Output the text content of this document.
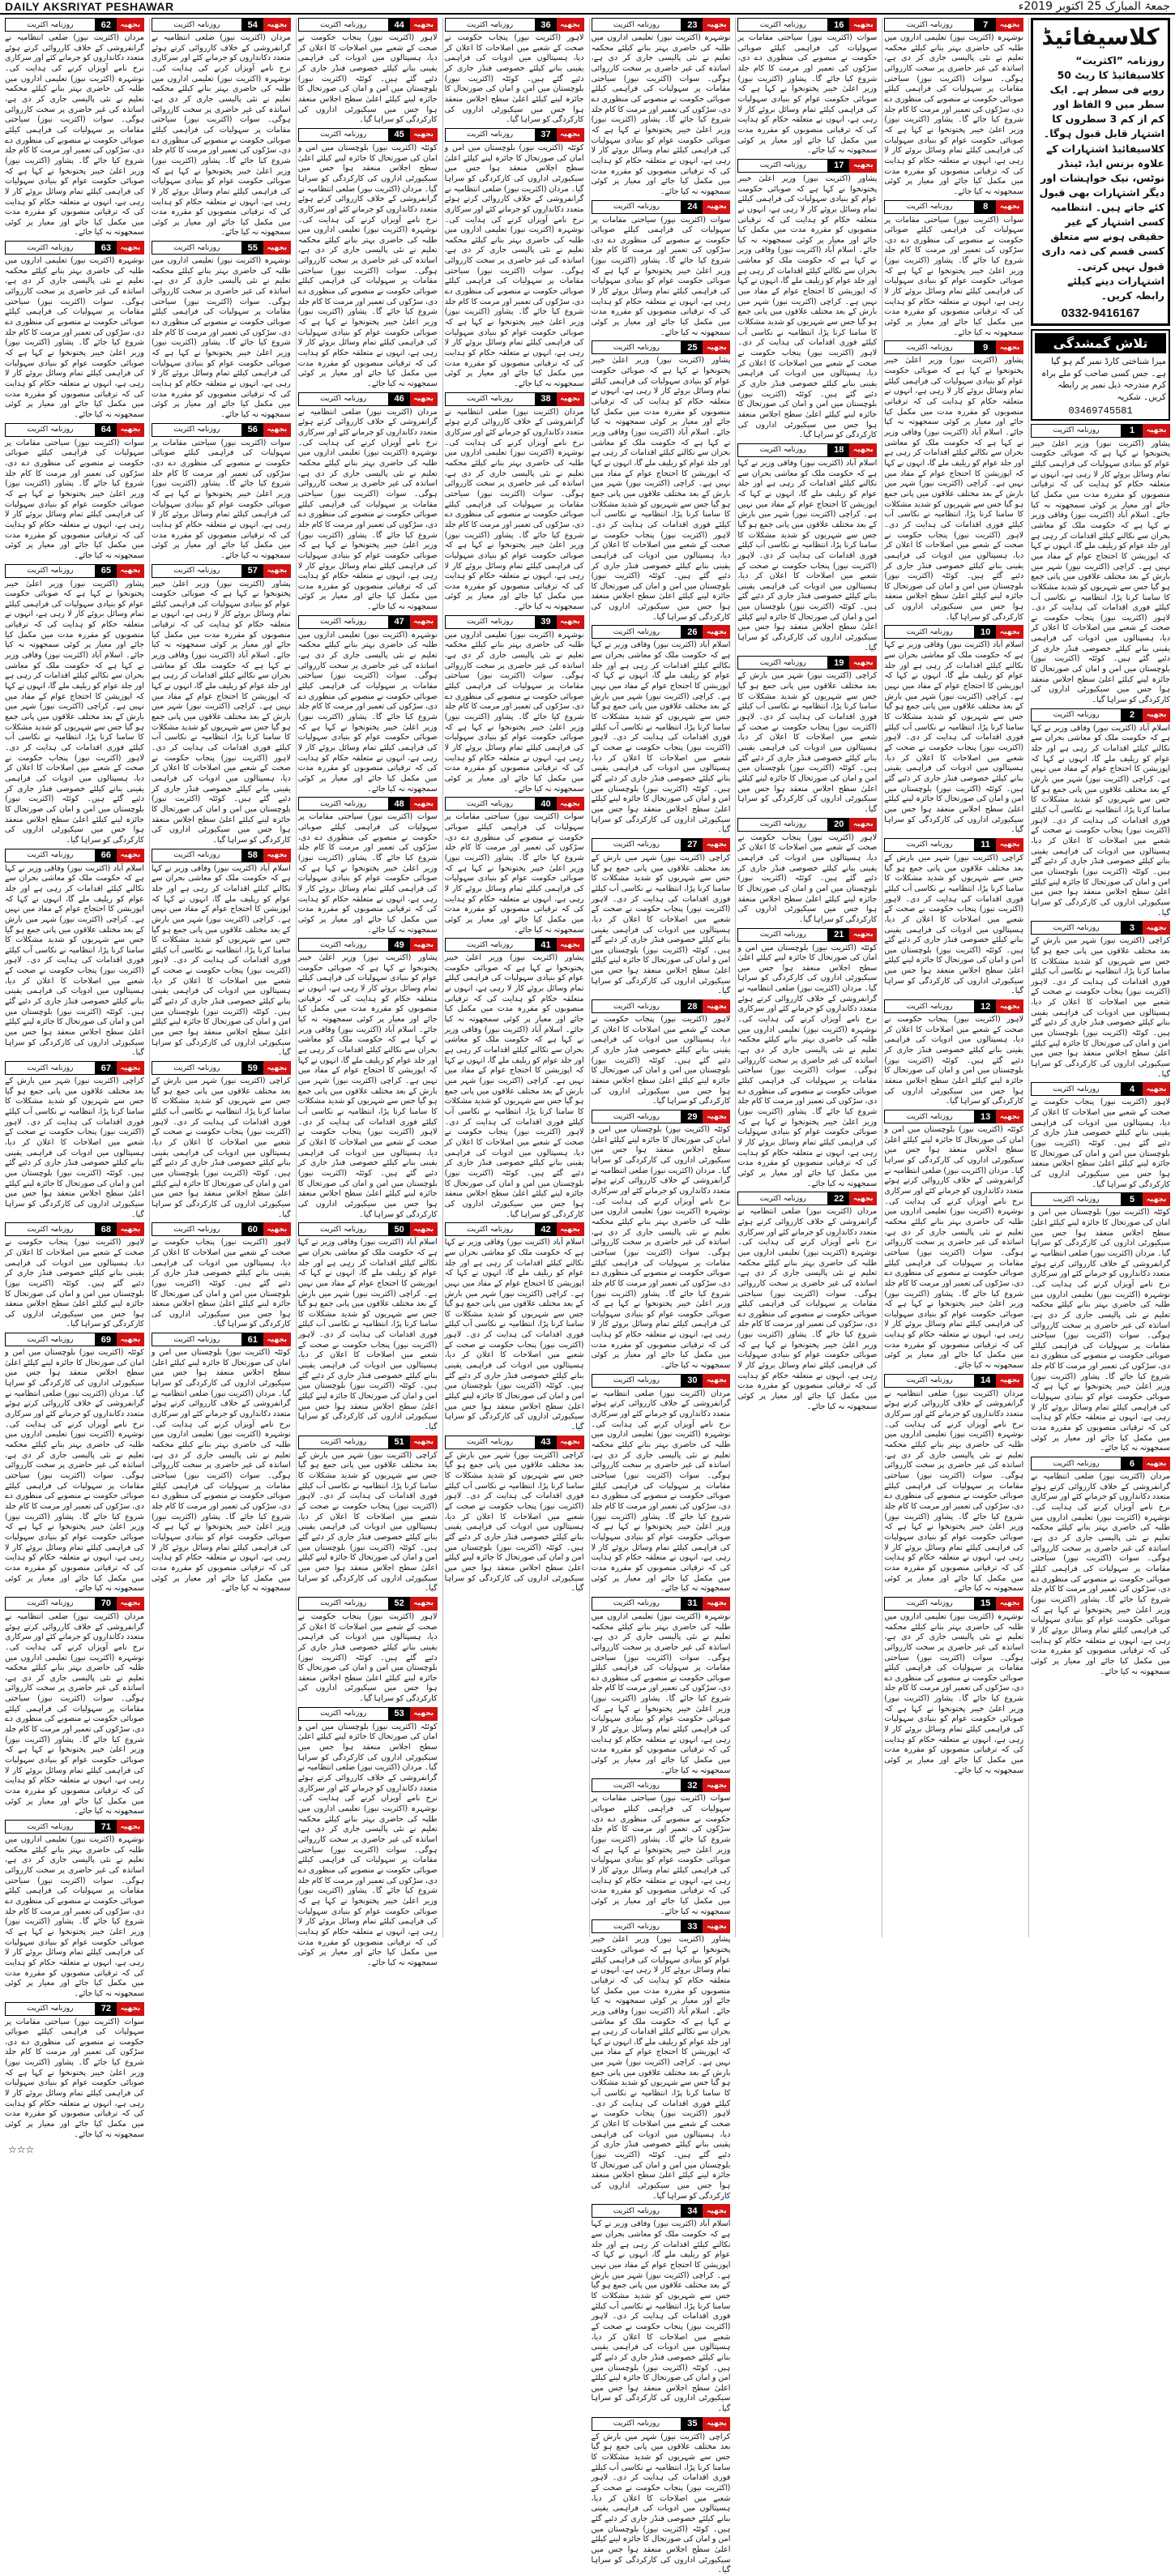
DAILY AKSRIYAT PESHAWAR	جمعۃ المبارک 25 اکتوبر 2019ء
کلاسیفائیڈ
روزنامہ ”اکثریت“ کلاسیفائیڈ کا ریٹ 50 روپے فی سطر ہے۔ ایک سطر میں 9 الفاظ اور کم از کم 3 سطروں کا اشتہار قابل قبول ہوگا۔ کلاسیفائیڈ اشتہارات کے علاوہ بزنس ایڈ، ٹینڈر نوٹس، نیک خواہشات اور دیگر اشتہارات بھی قبول کئے جاتے ہیں۔ انتظامیہ کسی اشتہار کے غیر حقیقی ہونے سے متعلق کسی قسم کی ذمہ داری قبول نہیں کرتی۔ اشتہارات دینے کیلئے رابطہ کریں۔
0332-9416167
تلاش گمشدگی
میرا شناختی کارڈ نمبر گم ہو گیا ہے۔ جس کسی صاحب کو ملے براہ کرم مندرجہ ذیل نمبر پر رابطہ کریں۔ شکریہ
03469745581
بجھیہ
1
روزنامہ اکثریت
پشاور (اکثریت نیوز) وزیر اعلیٰ خیبر پختونخوا نے کہا ہے کہ صوبائی حکومت عوام کو بنیادی سہولیات کی فراہمی کیلئے تمام وسائل بروئے کار لا رہی ہے، انہوں نے متعلقہ حکام کو ہدایت کی کہ ترقیاتی منصوبوں کو مقررہ مدت میں مکمل کیا جائے اور معیار پر کوئی سمجھوتہ نہ کیا جائے۔ اسلام آباد (اکثریت نیوز) وفاقی وزیر نے کہا ہے کہ حکومت ملک کو معاشی بحران سے نکالنے کیلئے اقدامات کر رہی ہے اور جلد عوام کو ریلیف ملے گا، انہوں نے کہا کہ اپوزیشن کا احتجاج عوام کے مفاد میں نہیں ہے۔ کراچی (اکثریت نیوز) شہر میں بارش کے بعد مختلف علاقوں میں پانی جمع ہو گیا جس سے شہریوں کو شدید مشکلات کا سامنا کرنا پڑا، انتظامیہ نے نکاسی آب کیلئے فوری اقدامات کی ہدایت کر دی۔ لاہور (اکثریت نیوز) پنجاب حکومت نے صحت کے شعبے میں اصلاحات کا اعلان کر دیا، ہسپتالوں میں ادویات کی فراہمی یقینی بنانے کیلئے خصوصی فنڈز جاری کر دئیے گئے ہیں۔ کوئٹہ (اکثریت نیوز) بلوچستان میں امن و امان کی صورتحال کا جائزہ لینے کیلئے اعلیٰ سطح اجلاس منعقد ہوا جس میں سیکیورٹی اداروں کی کارکردگی کو سراہا گیا۔
بجھیہ
2
روزنامہ اکثریت
اسلام آباد (اکثریت نیوز) وفاقی وزیر نے کہا ہے کہ حکومت ملک کو معاشی بحران سے نکالنے کیلئے اقدامات کر رہی ہے اور جلد عوام کو ریلیف ملے گا، انہوں نے کہا کہ اپوزیشن کا احتجاج عوام کے مفاد میں نہیں ہے۔ کراچی (اکثریت نیوز) شہر میں بارش کے بعد مختلف علاقوں میں پانی جمع ہو گیا جس سے شہریوں کو شدید مشکلات کا سامنا کرنا پڑا، انتظامیہ نے نکاسی آب کیلئے فوری اقدامات کی ہدایت کر دی۔ لاہور (اکثریت نیوز) پنجاب حکومت نے صحت کے شعبے میں اصلاحات کا اعلان کر دیا، ہسپتالوں میں ادویات کی فراہمی یقینی بنانے کیلئے خصوصی فنڈز جاری کر دئیے گئے ہیں۔ کوئٹہ (اکثریت نیوز) بلوچستان میں امن و امان کی صورتحال کا جائزہ لینے کیلئے اعلیٰ سطح اجلاس منعقد ہوا جس میں سیکیورٹی اداروں کی کارکردگی کو سراہا گیا۔
بجھیہ
3
روزنامہ اکثریت
کراچی (اکثریت نیوز) شہر میں بارش کے بعد مختلف علاقوں میں پانی جمع ہو گیا جس سے شہریوں کو شدید مشکلات کا سامنا کرنا پڑا، انتظامیہ نے نکاسی آب کیلئے فوری اقدامات کی ہدایت کر دی۔ لاہور (اکثریت نیوز) پنجاب حکومت نے صحت کے شعبے میں اصلاحات کا اعلان کر دیا، ہسپتالوں میں ادویات کی فراہمی یقینی بنانے کیلئے خصوصی فنڈز جاری کر دئیے گئے ہیں۔ کوئٹہ (اکثریت نیوز) بلوچستان میں امن و امان کی صورتحال کا جائزہ لینے کیلئے اعلیٰ سطح اجلاس منعقد ہوا جس میں سیکیورٹی اداروں کی کارکردگی کو سراہا گیا۔
بجھیہ
4
روزنامہ اکثریت
لاہور (اکثریت نیوز) پنجاب حکومت نے صحت کے شعبے میں اصلاحات کا اعلان کر دیا، ہسپتالوں میں ادویات کی فراہمی یقینی بنانے کیلئے خصوصی فنڈز جاری کر دئیے گئے ہیں۔ کوئٹہ (اکثریت نیوز) بلوچستان میں امن و امان کی صورتحال کا جائزہ لینے کیلئے اعلیٰ سطح اجلاس منعقد ہوا جس میں سیکیورٹی اداروں کی کارکردگی کو سراہا گیا۔
بجھیہ
5
روزنامہ اکثریت
کوئٹہ (اکثریت نیوز) بلوچستان میں امن و امان کی صورتحال کا جائزہ لینے کیلئے اعلیٰ سطح اجلاس منعقد ہوا جس میں سیکیورٹی اداروں کی کارکردگی کو سراہا گیا۔ مردان (اکثریت نیوز) ضلعی انتظامیہ نے گرانفروشی کے خلاف کارروائی کرتے ہوئے متعدد دکانداروں کو جرمانے کئے اور سرکاری نرخ نامے آویزاں کرنے کی ہدایت کی۔ نوشہرہ (اکثریت نیوز) تعلیمی اداروں میں طلبہ کی حاضری بہتر بنانے کیلئے محکمہ تعلیم نے نئی پالیسی جاری کر دی ہے، اساتذہ کی غیر حاضری پر سخت کارروائی ہوگی۔ سوات (اکثریت نیوز) سیاحتی مقامات پر سہولیات کی فراہمی کیلئے صوبائی حکومت نے منصوبے کی منظوری دے دی، سڑکوں کی تعمیر اور مرمت کا کام جلد شروع کیا جائے گا۔ پشاور (اکثریت نیوز) وزیر اعلیٰ خیبر پختونخوا نے کہا ہے کہ صوبائی حکومت عوام کو بنیادی سہولیات کی فراہمی کیلئے تمام وسائل بروئے کار لا رہی ہے، انہوں نے متعلقہ حکام کو ہدایت کی کہ ترقیاتی منصوبوں کو مقررہ مدت میں مکمل کیا جائے اور معیار پر کوئی سمجھوتہ نہ کیا جائے۔
بجھیہ
6
روزنامہ اکثریت
مردان (اکثریت نیوز) ضلعی انتظامیہ نے گرانفروشی کے خلاف کارروائی کرتے ہوئے متعدد دکانداروں کو جرمانے کئے اور سرکاری نرخ نامے آویزاں کرنے کی ہدایت کی۔ نوشہرہ (اکثریت نیوز) تعلیمی اداروں میں طلبہ کی حاضری بہتر بنانے کیلئے محکمہ تعلیم نے نئی پالیسی جاری کر دی ہے، اساتذہ کی غیر حاضری پر سخت کارروائی ہوگی۔ سوات (اکثریت نیوز) سیاحتی مقامات پر سہولیات کی فراہمی کیلئے صوبائی حکومت نے منصوبے کی منظوری دے دی، سڑکوں کی تعمیر اور مرمت کا کام جلد شروع کیا جائے گا۔ پشاور (اکثریت نیوز) وزیر اعلیٰ خیبر پختونخوا نے کہا ہے کہ صوبائی حکومت عوام کو بنیادی سہولیات کی فراہمی کیلئے تمام وسائل بروئے کار لا رہی ہے، انہوں نے متعلقہ حکام کو ہدایت کی کہ ترقیاتی منصوبوں کو مقررہ مدت میں مکمل کیا جائے اور معیار پر کوئی سمجھوتہ نہ کیا جائے۔
بجھیہ
7
روزنامہ اکثریت
نوشہرہ (اکثریت نیوز) تعلیمی اداروں میں طلبہ کی حاضری بہتر بنانے کیلئے محکمہ تعلیم نے نئی پالیسی جاری کر دی ہے، اساتذہ کی غیر حاضری پر سخت کارروائی ہوگی۔ سوات (اکثریت نیوز) سیاحتی مقامات پر سہولیات کی فراہمی کیلئے صوبائی حکومت نے منصوبے کی منظوری دے دی، سڑکوں کی تعمیر اور مرمت کا کام جلد شروع کیا جائے گا۔ پشاور (اکثریت نیوز) وزیر اعلیٰ خیبر پختونخوا نے کہا ہے کہ صوبائی حکومت عوام کو بنیادی سہولیات کی فراہمی کیلئے تمام وسائل بروئے کار لا رہی ہے، انہوں نے متعلقہ حکام کو ہدایت کی کہ ترقیاتی منصوبوں کو مقررہ مدت میں مکمل کیا جائے اور معیار پر کوئی سمجھوتہ نہ کیا جائے۔
بجھیہ
8
روزنامہ اکثریت
سوات (اکثریت نیوز) سیاحتی مقامات پر سہولیات کی فراہمی کیلئے صوبائی حکومت نے منصوبے کی منظوری دے دی، سڑکوں کی تعمیر اور مرمت کا کام جلد شروع کیا جائے گا۔ پشاور (اکثریت نیوز) وزیر اعلیٰ خیبر پختونخوا نے کہا ہے کہ صوبائی حکومت عوام کو بنیادی سہولیات کی فراہمی کیلئے تمام وسائل بروئے کار لا رہی ہے، انہوں نے متعلقہ حکام کو ہدایت کی کہ ترقیاتی منصوبوں کو مقررہ مدت میں مکمل کیا جائے اور معیار پر کوئی سمجھوتہ نہ کیا جائے۔
بجھیہ
9
روزنامہ اکثریت
پشاور (اکثریت نیوز) وزیر اعلیٰ خیبر پختونخوا نے کہا ہے کہ صوبائی حکومت عوام کو بنیادی سہولیات کی فراہمی کیلئے تمام وسائل بروئے کار لا رہی ہے، انہوں نے متعلقہ حکام کو ہدایت کی کہ ترقیاتی منصوبوں کو مقررہ مدت میں مکمل کیا جائے اور معیار پر کوئی سمجھوتہ نہ کیا جائے۔ اسلام آباد (اکثریت نیوز) وفاقی وزیر نے کہا ہے کہ حکومت ملک کو معاشی بحران سے نکالنے کیلئے اقدامات کر رہی ہے اور جلد عوام کو ریلیف ملے گا، انہوں نے کہا کہ اپوزیشن کا احتجاج عوام کے مفاد میں نہیں ہے۔ کراچی (اکثریت نیوز) شہر میں بارش کے بعد مختلف علاقوں میں پانی جمع ہو گیا جس سے شہریوں کو شدید مشکلات کا سامنا کرنا پڑا، انتظامیہ نے نکاسی آب کیلئے فوری اقدامات کی ہدایت کر دی۔ لاہور (اکثریت نیوز) پنجاب حکومت نے صحت کے شعبے میں اصلاحات کا اعلان کر دیا، ہسپتالوں میں ادویات کی فراہمی یقینی بنانے کیلئے خصوصی فنڈز جاری کر دئیے گئے ہیں۔ کوئٹہ (اکثریت نیوز) بلوچستان میں امن و امان کی صورتحال کا جائزہ لینے کیلئے اعلیٰ سطح اجلاس منعقد ہوا جس میں سیکیورٹی اداروں کی کارکردگی کو سراہا گیا۔
بجھیہ
10
روزنامہ اکثریت
اسلام آباد (اکثریت نیوز) وفاقی وزیر نے کہا ہے کہ حکومت ملک کو معاشی بحران سے نکالنے کیلئے اقدامات کر رہی ہے اور جلد عوام کو ریلیف ملے گا، انہوں نے کہا کہ اپوزیشن کا احتجاج عوام کے مفاد میں نہیں ہے۔ کراچی (اکثریت نیوز) شہر میں بارش کے بعد مختلف علاقوں میں پانی جمع ہو گیا جس سے شہریوں کو شدید مشکلات کا سامنا کرنا پڑا، انتظامیہ نے نکاسی آب کیلئے فوری اقدامات کی ہدایت کر دی۔ لاہور (اکثریت نیوز) پنجاب حکومت نے صحت کے شعبے میں اصلاحات کا اعلان کر دیا، ہسپتالوں میں ادویات کی فراہمی یقینی بنانے کیلئے خصوصی فنڈز جاری کر دئیے گئے ہیں۔ کوئٹہ (اکثریت نیوز) بلوچستان میں امن و امان کی صورتحال کا جائزہ لینے کیلئے اعلیٰ سطح اجلاس منعقد ہوا جس میں سیکیورٹی اداروں کی کارکردگی کو سراہا گیا۔
بجھیہ
11
روزنامہ اکثریت
کراچی (اکثریت نیوز) شہر میں بارش کے بعد مختلف علاقوں میں پانی جمع ہو گیا جس سے شہریوں کو شدید مشکلات کا سامنا کرنا پڑا، انتظامیہ نے نکاسی آب کیلئے فوری اقدامات کی ہدایت کر دی۔ لاہور (اکثریت نیوز) پنجاب حکومت نے صحت کے شعبے میں اصلاحات کا اعلان کر دیا، ہسپتالوں میں ادویات کی فراہمی یقینی بنانے کیلئے خصوصی فنڈز جاری کر دئیے گئے ہیں۔ کوئٹہ (اکثریت نیوز) بلوچستان میں امن و امان کی صورتحال کا جائزہ لینے کیلئے اعلیٰ سطح اجلاس منعقد ہوا جس میں سیکیورٹی اداروں کی کارکردگی کو سراہا گیا۔
بجھیہ
12
روزنامہ اکثریت
لاہور (اکثریت نیوز) پنجاب حکومت نے صحت کے شعبے میں اصلاحات کا اعلان کر دیا، ہسپتالوں میں ادویات کی فراہمی یقینی بنانے کیلئے خصوصی فنڈز جاری کر دئیے گئے ہیں۔ کوئٹہ (اکثریت نیوز) بلوچستان میں امن و امان کی صورتحال کا جائزہ لینے کیلئے اعلیٰ سطح اجلاس منعقد ہوا جس میں سیکیورٹی اداروں کی کارکردگی کو سراہا گیا۔
بجھیہ
13
روزنامہ اکثریت
کوئٹہ (اکثریت نیوز) بلوچستان میں امن و امان کی صورتحال کا جائزہ لینے کیلئے اعلیٰ سطح اجلاس منعقد ہوا جس میں سیکیورٹی اداروں کی کارکردگی کو سراہا گیا۔ مردان (اکثریت نیوز) ضلعی انتظامیہ نے گرانفروشی کے خلاف کارروائی کرتے ہوئے متعدد دکانداروں کو جرمانے کئے اور سرکاری نرخ نامے آویزاں کرنے کی ہدایت کی۔ نوشہرہ (اکثریت نیوز) تعلیمی اداروں میں طلبہ کی حاضری بہتر بنانے کیلئے محکمہ تعلیم نے نئی پالیسی جاری کر دی ہے، اساتذہ کی غیر حاضری پر سخت کارروائی ہوگی۔ سوات (اکثریت نیوز) سیاحتی مقامات پر سہولیات کی فراہمی کیلئے صوبائی حکومت نے منصوبے کی منظوری دے دی، سڑکوں کی تعمیر اور مرمت کا کام جلد شروع کیا جائے گا۔ پشاور (اکثریت نیوز) وزیر اعلیٰ خیبر پختونخوا نے کہا ہے کہ صوبائی حکومت عوام کو بنیادی سہولیات کی فراہمی کیلئے تمام وسائل بروئے کار لا رہی ہے، انہوں نے متعلقہ حکام کو ہدایت کی کہ ترقیاتی منصوبوں کو مقررہ مدت میں مکمل کیا جائے اور معیار پر کوئی سمجھوتہ نہ کیا جائے۔
بجھیہ
14
روزنامہ اکثریت
مردان (اکثریت نیوز) ضلعی انتظامیہ نے گرانفروشی کے خلاف کارروائی کرتے ہوئے متعدد دکانداروں کو جرمانے کئے اور سرکاری نرخ نامے آویزاں کرنے کی ہدایت کی۔ نوشہرہ (اکثریت نیوز) تعلیمی اداروں میں طلبہ کی حاضری بہتر بنانے کیلئے محکمہ تعلیم نے نئی پالیسی جاری کر دی ہے، اساتذہ کی غیر حاضری پر سخت کارروائی ہوگی۔ سوات (اکثریت نیوز) سیاحتی مقامات پر سہولیات کی فراہمی کیلئے صوبائی حکومت نے منصوبے کی منظوری دے دی، سڑکوں کی تعمیر اور مرمت کا کام جلد شروع کیا جائے گا۔ پشاور (اکثریت نیوز) وزیر اعلیٰ خیبر پختونخوا نے کہا ہے کہ صوبائی حکومت عوام کو بنیادی سہولیات کی فراہمی کیلئے تمام وسائل بروئے کار لا رہی ہے، انہوں نے متعلقہ حکام کو ہدایت کی کہ ترقیاتی منصوبوں کو مقررہ مدت میں مکمل کیا جائے اور معیار پر کوئی سمجھوتہ نہ کیا جائے۔
بجھیہ
15
روزنامہ اکثریت
نوشہرہ (اکثریت نیوز) تعلیمی اداروں میں طلبہ کی حاضری بہتر بنانے کیلئے محکمہ تعلیم نے نئی پالیسی جاری کر دی ہے، اساتذہ کی غیر حاضری پر سخت کارروائی ہوگی۔ سوات (اکثریت نیوز) سیاحتی مقامات پر سہولیات کی فراہمی کیلئے صوبائی حکومت نے منصوبے کی منظوری دے دی، سڑکوں کی تعمیر اور مرمت کا کام جلد شروع کیا جائے گا۔ پشاور (اکثریت نیوز) وزیر اعلیٰ خیبر پختونخوا نے کہا ہے کہ صوبائی حکومت عوام کو بنیادی سہولیات کی فراہمی کیلئے تمام وسائل بروئے کار لا رہی ہے، انہوں نے متعلقہ حکام کو ہدایت کی کہ ترقیاتی منصوبوں کو مقررہ مدت میں مکمل کیا جائے اور معیار پر کوئی سمجھوتہ نہ کیا جائے۔
بجھیہ
16
روزنامہ اکثریت
سوات (اکثریت نیوز) سیاحتی مقامات پر سہولیات کی فراہمی کیلئے صوبائی حکومت نے منصوبے کی منظوری دے دی، سڑکوں کی تعمیر اور مرمت کا کام جلد شروع کیا جائے گا۔ پشاور (اکثریت نیوز) وزیر اعلیٰ خیبر پختونخوا نے کہا ہے کہ صوبائی حکومت عوام کو بنیادی سہولیات کی فراہمی کیلئے تمام وسائل بروئے کار لا رہی ہے، انہوں نے متعلقہ حکام کو ہدایت کی کہ ترقیاتی منصوبوں کو مقررہ مدت میں مکمل کیا جائے اور معیار پر کوئی سمجھوتہ نہ کیا جائے۔
بجھیہ
17
روزنامہ اکثریت
پشاور (اکثریت نیوز) وزیر اعلیٰ خیبر پختونخوا نے کہا ہے کہ صوبائی حکومت عوام کو بنیادی سہولیات کی فراہمی کیلئے تمام وسائل بروئے کار لا رہی ہے، انہوں نے متعلقہ حکام کو ہدایت کی کہ ترقیاتی منصوبوں کو مقررہ مدت میں مکمل کیا جائے اور معیار پر کوئی سمجھوتہ نہ کیا جائے۔ اسلام آباد (اکثریت نیوز) وفاقی وزیر نے کہا ہے کہ حکومت ملک کو معاشی بحران سے نکالنے کیلئے اقدامات کر رہی ہے اور جلد عوام کو ریلیف ملے گا، انہوں نے کہا کہ اپوزیشن کا احتجاج عوام کے مفاد میں نہیں ہے۔ کراچی (اکثریت نیوز) شہر میں بارش کے بعد مختلف علاقوں میں پانی جمع ہو گیا جس سے شہریوں کو شدید مشکلات کا سامنا کرنا پڑا، انتظامیہ نے نکاسی آب کیلئے فوری اقدامات کی ہدایت کر دی۔ لاہور (اکثریت نیوز) پنجاب حکومت نے صحت کے شعبے میں اصلاحات کا اعلان کر دیا، ہسپتالوں میں ادویات کی فراہمی یقینی بنانے کیلئے خصوصی فنڈز جاری کر دئیے گئے ہیں۔ کوئٹہ (اکثریت نیوز) بلوچستان میں امن و امان کی صورتحال کا جائزہ لینے کیلئے اعلیٰ سطح اجلاس منعقد ہوا جس میں سیکیورٹی اداروں کی کارکردگی کو سراہا گیا۔
بجھیہ
18
روزنامہ اکثریت
اسلام آباد (اکثریت نیوز) وفاقی وزیر نے کہا ہے کہ حکومت ملک کو معاشی بحران سے نکالنے کیلئے اقدامات کر رہی ہے اور جلد عوام کو ریلیف ملے گا، انہوں نے کہا کہ اپوزیشن کا احتجاج عوام کے مفاد میں نہیں ہے۔ کراچی (اکثریت نیوز) شہر میں بارش کے بعد مختلف علاقوں میں پانی جمع ہو گیا جس سے شہریوں کو شدید مشکلات کا سامنا کرنا پڑا، انتظامیہ نے نکاسی آب کیلئے فوری اقدامات کی ہدایت کر دی۔ لاہور (اکثریت نیوز) پنجاب حکومت نے صحت کے شعبے میں اصلاحات کا اعلان کر دیا، ہسپتالوں میں ادویات کی فراہمی یقینی بنانے کیلئے خصوصی فنڈز جاری کر دئیے گئے ہیں۔ کوئٹہ (اکثریت نیوز) بلوچستان میں امن و امان کی صورتحال کا جائزہ لینے کیلئے اعلیٰ سطح اجلاس منعقد ہوا جس میں سیکیورٹی اداروں کی کارکردگی کو سراہا گیا۔
بجھیہ
19
روزنامہ اکثریت
کراچی (اکثریت نیوز) شہر میں بارش کے بعد مختلف علاقوں میں پانی جمع ہو گیا جس سے شہریوں کو شدید مشکلات کا سامنا کرنا پڑا، انتظامیہ نے نکاسی آب کیلئے فوری اقدامات کی ہدایت کر دی۔ لاہور (اکثریت نیوز) پنجاب حکومت نے صحت کے شعبے میں اصلاحات کا اعلان کر دیا، ہسپتالوں میں ادویات کی فراہمی یقینی بنانے کیلئے خصوصی فنڈز جاری کر دئیے گئے ہیں۔ کوئٹہ (اکثریت نیوز) بلوچستان میں امن و امان کی صورتحال کا جائزہ لینے کیلئے اعلیٰ سطح اجلاس منعقد ہوا جس میں سیکیورٹی اداروں کی کارکردگی کو سراہا گیا۔
بجھیہ
20
روزنامہ اکثریت
لاہور (اکثریت نیوز) پنجاب حکومت نے صحت کے شعبے میں اصلاحات کا اعلان کر دیا، ہسپتالوں میں ادویات کی فراہمی یقینی بنانے کیلئے خصوصی فنڈز جاری کر دئیے گئے ہیں۔ کوئٹہ (اکثریت نیوز) بلوچستان میں امن و امان کی صورتحال کا جائزہ لینے کیلئے اعلیٰ سطح اجلاس منعقد ہوا جس میں سیکیورٹی اداروں کی کارکردگی کو سراہا گیا۔
بجھیہ
21
روزنامہ اکثریت
کوئٹہ (اکثریت نیوز) بلوچستان میں امن و امان کی صورتحال کا جائزہ لینے کیلئے اعلیٰ سطح اجلاس منعقد ہوا جس میں سیکیورٹی اداروں کی کارکردگی کو سراہا گیا۔ مردان (اکثریت نیوز) ضلعی انتظامیہ نے گرانفروشی کے خلاف کارروائی کرتے ہوئے متعدد دکانداروں کو جرمانے کئے اور سرکاری نرخ نامے آویزاں کرنے کی ہدایت کی۔ نوشہرہ (اکثریت نیوز) تعلیمی اداروں میں طلبہ کی حاضری بہتر بنانے کیلئے محکمہ تعلیم نے نئی پالیسی جاری کر دی ہے، اساتذہ کی غیر حاضری پر سخت کارروائی ہوگی۔ سوات (اکثریت نیوز) سیاحتی مقامات پر سہولیات کی فراہمی کیلئے صوبائی حکومت نے منصوبے کی منظوری دے دی، سڑکوں کی تعمیر اور مرمت کا کام جلد شروع کیا جائے گا۔ پشاور (اکثریت نیوز) وزیر اعلیٰ خیبر پختونخوا نے کہا ہے کہ صوبائی حکومت عوام کو بنیادی سہولیات کی فراہمی کیلئے تمام وسائل بروئے کار لا رہی ہے، انہوں نے متعلقہ حکام کو ہدایت کی کہ ترقیاتی منصوبوں کو مقررہ مدت میں مکمل کیا جائے اور معیار پر کوئی سمجھوتہ نہ کیا جائے۔
بجھیہ
22
روزنامہ اکثریت
مردان (اکثریت نیوز) ضلعی انتظامیہ نے گرانفروشی کے خلاف کارروائی کرتے ہوئے متعدد دکانداروں کو جرمانے کئے اور سرکاری نرخ نامے آویزاں کرنے کی ہدایت کی۔ نوشہرہ (اکثریت نیوز) تعلیمی اداروں میں طلبہ کی حاضری بہتر بنانے کیلئے محکمہ تعلیم نے نئی پالیسی جاری کر دی ہے، اساتذہ کی غیر حاضری پر سخت کارروائی ہوگی۔ سوات (اکثریت نیوز) سیاحتی مقامات پر سہولیات کی فراہمی کیلئے صوبائی حکومت نے منصوبے کی منظوری دے دی، سڑکوں کی تعمیر اور مرمت کا کام جلد شروع کیا جائے گا۔ پشاور (اکثریت نیوز) وزیر اعلیٰ خیبر پختونخوا نے کہا ہے کہ صوبائی حکومت عوام کو بنیادی سہولیات کی فراہمی کیلئے تمام وسائل بروئے کار لا رہی ہے، انہوں نے متعلقہ حکام کو ہدایت کی کہ ترقیاتی منصوبوں کو مقررہ مدت میں مکمل کیا جائے اور معیار پر کوئی سمجھوتہ نہ کیا جائے۔
بجھیہ
23
روزنامہ اکثریت
نوشہرہ (اکثریت نیوز) تعلیمی اداروں میں طلبہ کی حاضری بہتر بنانے کیلئے محکمہ تعلیم نے نئی پالیسی جاری کر دی ہے، اساتذہ کی غیر حاضری پر سخت کارروائی ہوگی۔ سوات (اکثریت نیوز) سیاحتی مقامات پر سہولیات کی فراہمی کیلئے صوبائی حکومت نے منصوبے کی منظوری دے دی، سڑکوں کی تعمیر اور مرمت کا کام جلد شروع کیا جائے گا۔ پشاور (اکثریت نیوز) وزیر اعلیٰ خیبر پختونخوا نے کہا ہے کہ صوبائی حکومت عوام کو بنیادی سہولیات کی فراہمی کیلئے تمام وسائل بروئے کار لا رہی ہے، انہوں نے متعلقہ حکام کو ہدایت کی کہ ترقیاتی منصوبوں کو مقررہ مدت میں مکمل کیا جائے اور معیار پر کوئی سمجھوتہ نہ کیا جائے۔
بجھیہ
24
روزنامہ اکثریت
سوات (اکثریت نیوز) سیاحتی مقامات پر سہولیات کی فراہمی کیلئے صوبائی حکومت نے منصوبے کی منظوری دے دی، سڑکوں کی تعمیر اور مرمت کا کام جلد شروع کیا جائے گا۔ پشاور (اکثریت نیوز) وزیر اعلیٰ خیبر پختونخوا نے کہا ہے کہ صوبائی حکومت عوام کو بنیادی سہولیات کی فراہمی کیلئے تمام وسائل بروئے کار لا رہی ہے، انہوں نے متعلقہ حکام کو ہدایت کی کہ ترقیاتی منصوبوں کو مقررہ مدت میں مکمل کیا جائے اور معیار پر کوئی سمجھوتہ نہ کیا جائے۔
بجھیہ
25
روزنامہ اکثریت
پشاور (اکثریت نیوز) وزیر اعلیٰ خیبر پختونخوا نے کہا ہے کہ صوبائی حکومت عوام کو بنیادی سہولیات کی فراہمی کیلئے تمام وسائل بروئے کار لا رہی ہے، انہوں نے متعلقہ حکام کو ہدایت کی کہ ترقیاتی منصوبوں کو مقررہ مدت میں مکمل کیا جائے اور معیار پر کوئی سمجھوتہ نہ کیا جائے۔ اسلام آباد (اکثریت نیوز) وفاقی وزیر نے کہا ہے کہ حکومت ملک کو معاشی بحران سے نکالنے کیلئے اقدامات کر رہی ہے اور جلد عوام کو ریلیف ملے گا، انہوں نے کہا کہ اپوزیشن کا احتجاج عوام کے مفاد میں نہیں ہے۔ کراچی (اکثریت نیوز) شہر میں بارش کے بعد مختلف علاقوں میں پانی جمع ہو گیا جس سے شہریوں کو شدید مشکلات کا سامنا کرنا پڑا، انتظامیہ نے نکاسی آب کیلئے فوری اقدامات کی ہدایت کر دی۔ لاہور (اکثریت نیوز) پنجاب حکومت نے صحت کے شعبے میں اصلاحات کا اعلان کر دیا، ہسپتالوں میں ادویات کی فراہمی یقینی بنانے کیلئے خصوصی فنڈز جاری کر دئیے گئے ہیں۔ کوئٹہ (اکثریت نیوز) بلوچستان میں امن و امان کی صورتحال کا جائزہ لینے کیلئے اعلیٰ سطح اجلاس منعقد ہوا جس میں سیکیورٹی اداروں کی کارکردگی کو سراہا گیا۔
بجھیہ
26
روزنامہ اکثریت
اسلام آباد (اکثریت نیوز) وفاقی وزیر نے کہا ہے کہ حکومت ملک کو معاشی بحران سے نکالنے کیلئے اقدامات کر رہی ہے اور جلد عوام کو ریلیف ملے گا، انہوں نے کہا کہ اپوزیشن کا احتجاج عوام کے مفاد میں نہیں ہے۔ کراچی (اکثریت نیوز) شہر میں بارش کے بعد مختلف علاقوں میں پانی جمع ہو گیا جس سے شہریوں کو شدید مشکلات کا سامنا کرنا پڑا، انتظامیہ نے نکاسی آب کیلئے فوری اقدامات کی ہدایت کر دی۔ لاہور (اکثریت نیوز) پنجاب حکومت نے صحت کے شعبے میں اصلاحات کا اعلان کر دیا، ہسپتالوں میں ادویات کی فراہمی یقینی بنانے کیلئے خصوصی فنڈز جاری کر دئیے گئے ہیں۔ کوئٹہ (اکثریت نیوز) بلوچستان میں امن و امان کی صورتحال کا جائزہ لینے کیلئے اعلیٰ سطح اجلاس منعقد ہوا جس میں سیکیورٹی اداروں کی کارکردگی کو سراہا گیا۔
بجھیہ
27
روزنامہ اکثریت
کراچی (اکثریت نیوز) شہر میں بارش کے بعد مختلف علاقوں میں پانی جمع ہو گیا جس سے شہریوں کو شدید مشکلات کا سامنا کرنا پڑا، انتظامیہ نے نکاسی آب کیلئے فوری اقدامات کی ہدایت کر دی۔ لاہور (اکثریت نیوز) پنجاب حکومت نے صحت کے شعبے میں اصلاحات کا اعلان کر دیا، ہسپتالوں میں ادویات کی فراہمی یقینی بنانے کیلئے خصوصی فنڈز جاری کر دئیے گئے ہیں۔ کوئٹہ (اکثریت نیوز) بلوچستان میں امن و امان کی صورتحال کا جائزہ لینے کیلئے اعلیٰ سطح اجلاس منعقد ہوا جس میں سیکیورٹی اداروں کی کارکردگی کو سراہا گیا۔
بجھیہ
28
روزنامہ اکثریت
لاہور (اکثریت نیوز) پنجاب حکومت نے صحت کے شعبے میں اصلاحات کا اعلان کر دیا، ہسپتالوں میں ادویات کی فراہمی یقینی بنانے کیلئے خصوصی فنڈز جاری کر دئیے گئے ہیں۔ کوئٹہ (اکثریت نیوز) بلوچستان میں امن و امان کی صورتحال کا جائزہ لینے کیلئے اعلیٰ سطح اجلاس منعقد ہوا جس میں سیکیورٹی اداروں کی کارکردگی کو سراہا گیا۔
بجھیہ
29
روزنامہ اکثریت
کوئٹہ (اکثریت نیوز) بلوچستان میں امن و امان کی صورتحال کا جائزہ لینے کیلئے اعلیٰ سطح اجلاس منعقد ہوا جس میں سیکیورٹی اداروں کی کارکردگی کو سراہا گیا۔ مردان (اکثریت نیوز) ضلعی انتظامیہ نے گرانفروشی کے خلاف کارروائی کرتے ہوئے متعدد دکانداروں کو جرمانے کئے اور سرکاری نرخ نامے آویزاں کرنے کی ہدایت کی۔ نوشہرہ (اکثریت نیوز) تعلیمی اداروں میں طلبہ کی حاضری بہتر بنانے کیلئے محکمہ تعلیم نے نئی پالیسی جاری کر دی ہے، اساتذہ کی غیر حاضری پر سخت کارروائی ہوگی۔ سوات (اکثریت نیوز) سیاحتی مقامات پر سہولیات کی فراہمی کیلئے صوبائی حکومت نے منصوبے کی منظوری دے دی، سڑکوں کی تعمیر اور مرمت کا کام جلد شروع کیا جائے گا۔ پشاور (اکثریت نیوز) وزیر اعلیٰ خیبر پختونخوا نے کہا ہے کہ صوبائی حکومت عوام کو بنیادی سہولیات کی فراہمی کیلئے تمام وسائل بروئے کار لا رہی ہے، انہوں نے متعلقہ حکام کو ہدایت کی کہ ترقیاتی منصوبوں کو مقررہ مدت میں مکمل کیا جائے اور معیار پر کوئی سمجھوتہ نہ کیا جائے۔
بجھیہ
30
روزنامہ اکثریت
مردان (اکثریت نیوز) ضلعی انتظامیہ نے گرانفروشی کے خلاف کارروائی کرتے ہوئے متعدد دکانداروں کو جرمانے کئے اور سرکاری نرخ نامے آویزاں کرنے کی ہدایت کی۔ نوشہرہ (اکثریت نیوز) تعلیمی اداروں میں طلبہ کی حاضری بہتر بنانے کیلئے محکمہ تعلیم نے نئی پالیسی جاری کر دی ہے، اساتذہ کی غیر حاضری پر سخت کارروائی ہوگی۔ سوات (اکثریت نیوز) سیاحتی مقامات پر سہولیات کی فراہمی کیلئے صوبائی حکومت نے منصوبے کی منظوری دے دی، سڑکوں کی تعمیر اور مرمت کا کام جلد شروع کیا جائے گا۔ پشاور (اکثریت نیوز) وزیر اعلیٰ خیبر پختونخوا نے کہا ہے کہ صوبائی حکومت عوام کو بنیادی سہولیات کی فراہمی کیلئے تمام وسائل بروئے کار لا رہی ہے، انہوں نے متعلقہ حکام کو ہدایت کی کہ ترقیاتی منصوبوں کو مقررہ مدت میں مکمل کیا جائے اور معیار پر کوئی سمجھوتہ نہ کیا جائے۔
بجھیہ
31
روزنامہ اکثریت
نوشہرہ (اکثریت نیوز) تعلیمی اداروں میں طلبہ کی حاضری بہتر بنانے کیلئے محکمہ تعلیم نے نئی پالیسی جاری کر دی ہے، اساتذہ کی غیر حاضری پر سخت کارروائی ہوگی۔ سوات (اکثریت نیوز) سیاحتی مقامات پر سہولیات کی فراہمی کیلئے صوبائی حکومت نے منصوبے کی منظوری دے دی، سڑکوں کی تعمیر اور مرمت کا کام جلد شروع کیا جائے گا۔ پشاور (اکثریت نیوز) وزیر اعلیٰ خیبر پختونخوا نے کہا ہے کہ صوبائی حکومت عوام کو بنیادی سہولیات کی فراہمی کیلئے تمام وسائل بروئے کار لا رہی ہے، انہوں نے متعلقہ حکام کو ہدایت کی کہ ترقیاتی منصوبوں کو مقررہ مدت میں مکمل کیا جائے اور معیار پر کوئی سمجھوتہ نہ کیا جائے۔
بجھیہ
32
روزنامہ اکثریت
سوات (اکثریت نیوز) سیاحتی مقامات پر سہولیات کی فراہمی کیلئے صوبائی حکومت نے منصوبے کی منظوری دے دی، سڑکوں کی تعمیر اور مرمت کا کام جلد شروع کیا جائے گا۔ پشاور (اکثریت نیوز) وزیر اعلیٰ خیبر پختونخوا نے کہا ہے کہ صوبائی حکومت عوام کو بنیادی سہولیات کی فراہمی کیلئے تمام وسائل بروئے کار لا رہی ہے، انہوں نے متعلقہ حکام کو ہدایت کی کہ ترقیاتی منصوبوں کو مقررہ مدت میں مکمل کیا جائے اور معیار پر کوئی سمجھوتہ نہ کیا جائے۔
بجھیہ
33
روزنامہ اکثریت
پشاور (اکثریت نیوز) وزیر اعلیٰ خیبر پختونخوا نے کہا ہے کہ صوبائی حکومت عوام کو بنیادی سہولیات کی فراہمی کیلئے تمام وسائل بروئے کار لا رہی ہے، انہوں نے متعلقہ حکام کو ہدایت کی کہ ترقیاتی منصوبوں کو مقررہ مدت میں مکمل کیا جائے اور معیار پر کوئی سمجھوتہ نہ کیا جائے۔ اسلام آباد (اکثریت نیوز) وفاقی وزیر نے کہا ہے کہ حکومت ملک کو معاشی بحران سے نکالنے کیلئے اقدامات کر رہی ہے اور جلد عوام کو ریلیف ملے گا، انہوں نے کہا کہ اپوزیشن کا احتجاج عوام کے مفاد میں نہیں ہے۔ کراچی (اکثریت نیوز) شہر میں بارش کے بعد مختلف علاقوں میں پانی جمع ہو گیا جس سے شہریوں کو شدید مشکلات کا سامنا کرنا پڑا، انتظامیہ نے نکاسی آب کیلئے فوری اقدامات کی ہدایت کر دی۔ لاہور (اکثریت نیوز) پنجاب حکومت نے صحت کے شعبے میں اصلاحات کا اعلان کر دیا، ہسپتالوں میں ادویات کی فراہمی یقینی بنانے کیلئے خصوصی فنڈز جاری کر دئیے گئے ہیں۔ کوئٹہ (اکثریت نیوز) بلوچستان میں امن و امان کی صورتحال کا جائزہ لینے کیلئے اعلیٰ سطح اجلاس منعقد ہوا جس میں سیکیورٹی اداروں کی کارکردگی کو سراہا گیا۔
بجھیہ
34
روزنامہ اکثریت
اسلام آباد (اکثریت نیوز) وفاقی وزیر نے کہا ہے کہ حکومت ملک کو معاشی بحران سے نکالنے کیلئے اقدامات کر رہی ہے اور جلد عوام کو ریلیف ملے گا، انہوں نے کہا کہ اپوزیشن کا احتجاج عوام کے مفاد میں نہیں ہے۔ کراچی (اکثریت نیوز) شہر میں بارش کے بعد مختلف علاقوں میں پانی جمع ہو گیا جس سے شہریوں کو شدید مشکلات کا سامنا کرنا پڑا، انتظامیہ نے نکاسی آب کیلئے فوری اقدامات کی ہدایت کر دی۔ لاہور (اکثریت نیوز) پنجاب حکومت نے صحت کے شعبے میں اصلاحات کا اعلان کر دیا، ہسپتالوں میں ادویات کی فراہمی یقینی بنانے کیلئے خصوصی فنڈز جاری کر دئیے گئے ہیں۔ کوئٹہ (اکثریت نیوز) بلوچستان میں امن و امان کی صورتحال کا جائزہ لینے کیلئے اعلیٰ سطح اجلاس منعقد ہوا جس میں سیکیورٹی اداروں کی کارکردگی کو سراہا گیا۔
بجھیہ
35
روزنامہ اکثریت
کراچی (اکثریت نیوز) شہر میں بارش کے بعد مختلف علاقوں میں پانی جمع ہو گیا جس سے شہریوں کو شدید مشکلات کا سامنا کرنا پڑا، انتظامیہ نے نکاسی آب کیلئے فوری اقدامات کی ہدایت کر دی۔ لاہور (اکثریت نیوز) پنجاب حکومت نے صحت کے شعبے میں اصلاحات کا اعلان کر دیا، ہسپتالوں میں ادویات کی فراہمی یقینی بنانے کیلئے خصوصی فنڈز جاری کر دئیے گئے ہیں۔ کوئٹہ (اکثریت نیوز) بلوچستان میں امن و امان کی صورتحال کا جائزہ لینے کیلئے اعلیٰ سطح اجلاس منعقد ہوا جس میں سیکیورٹی اداروں کی کارکردگی کو سراہا گیا۔
بجھیہ
36
روزنامہ اکثریت
لاہور (اکثریت نیوز) پنجاب حکومت نے صحت کے شعبے میں اصلاحات کا اعلان کر دیا، ہسپتالوں میں ادویات کی فراہمی یقینی بنانے کیلئے خصوصی فنڈز جاری کر دئیے گئے ہیں۔ کوئٹہ (اکثریت نیوز) بلوچستان میں امن و امان کی صورتحال کا جائزہ لینے کیلئے اعلیٰ سطح اجلاس منعقد ہوا جس میں سیکیورٹی اداروں کی کارکردگی کو سراہا گیا۔
بجھیہ
37
روزنامہ اکثریت
کوئٹہ (اکثریت نیوز) بلوچستان میں امن و امان کی صورتحال کا جائزہ لینے کیلئے اعلیٰ سطح اجلاس منعقد ہوا جس میں سیکیورٹی اداروں کی کارکردگی کو سراہا گیا۔ مردان (اکثریت نیوز) ضلعی انتظامیہ نے گرانفروشی کے خلاف کارروائی کرتے ہوئے متعدد دکانداروں کو جرمانے کئے اور سرکاری نرخ نامے آویزاں کرنے کی ہدایت کی۔ نوشہرہ (اکثریت نیوز) تعلیمی اداروں میں طلبہ کی حاضری بہتر بنانے کیلئے محکمہ تعلیم نے نئی پالیسی جاری کر دی ہے، اساتذہ کی غیر حاضری پر سخت کارروائی ہوگی۔ سوات (اکثریت نیوز) سیاحتی مقامات پر سہولیات کی فراہمی کیلئے صوبائی حکومت نے منصوبے کی منظوری دے دی، سڑکوں کی تعمیر اور مرمت کا کام جلد شروع کیا جائے گا۔ پشاور (اکثریت نیوز) وزیر اعلیٰ خیبر پختونخوا نے کہا ہے کہ صوبائی حکومت عوام کو بنیادی سہولیات کی فراہمی کیلئے تمام وسائل بروئے کار لا رہی ہے، انہوں نے متعلقہ حکام کو ہدایت کی کہ ترقیاتی منصوبوں کو مقررہ مدت میں مکمل کیا جائے اور معیار پر کوئی سمجھوتہ نہ کیا جائے۔
بجھیہ
38
روزنامہ اکثریت
مردان (اکثریت نیوز) ضلعی انتظامیہ نے گرانفروشی کے خلاف کارروائی کرتے ہوئے متعدد دکانداروں کو جرمانے کئے اور سرکاری نرخ نامے آویزاں کرنے کی ہدایت کی۔ نوشہرہ (اکثریت نیوز) تعلیمی اداروں میں طلبہ کی حاضری بہتر بنانے کیلئے محکمہ تعلیم نے نئی پالیسی جاری کر دی ہے، اساتذہ کی غیر حاضری پر سخت کارروائی ہوگی۔ سوات (اکثریت نیوز) سیاحتی مقامات پر سہولیات کی فراہمی کیلئے صوبائی حکومت نے منصوبے کی منظوری دے دی، سڑکوں کی تعمیر اور مرمت کا کام جلد شروع کیا جائے گا۔ پشاور (اکثریت نیوز) وزیر اعلیٰ خیبر پختونخوا نے کہا ہے کہ صوبائی حکومت عوام کو بنیادی سہولیات کی فراہمی کیلئے تمام وسائل بروئے کار لا رہی ہے، انہوں نے متعلقہ حکام کو ہدایت کی کہ ترقیاتی منصوبوں کو مقررہ مدت میں مکمل کیا جائے اور معیار پر کوئی سمجھوتہ نہ کیا جائے۔
بجھیہ
39
روزنامہ اکثریت
نوشہرہ (اکثریت نیوز) تعلیمی اداروں میں طلبہ کی حاضری بہتر بنانے کیلئے محکمہ تعلیم نے نئی پالیسی جاری کر دی ہے، اساتذہ کی غیر حاضری پر سخت کارروائی ہوگی۔ سوات (اکثریت نیوز) سیاحتی مقامات پر سہولیات کی فراہمی کیلئے صوبائی حکومت نے منصوبے کی منظوری دے دی، سڑکوں کی تعمیر اور مرمت کا کام جلد شروع کیا جائے گا۔ پشاور (اکثریت نیوز) وزیر اعلیٰ خیبر پختونخوا نے کہا ہے کہ صوبائی حکومت عوام کو بنیادی سہولیات کی فراہمی کیلئے تمام وسائل بروئے کار لا رہی ہے، انہوں نے متعلقہ حکام کو ہدایت کی کہ ترقیاتی منصوبوں کو مقررہ مدت میں مکمل کیا جائے اور معیار پر کوئی سمجھوتہ نہ کیا جائے۔
بجھیہ
40
روزنامہ اکثریت
سوات (اکثریت نیوز) سیاحتی مقامات پر سہولیات کی فراہمی کیلئے صوبائی حکومت نے منصوبے کی منظوری دے دی، سڑکوں کی تعمیر اور مرمت کا کام جلد شروع کیا جائے گا۔ پشاور (اکثریت نیوز) وزیر اعلیٰ خیبر پختونخوا نے کہا ہے کہ صوبائی حکومت عوام کو بنیادی سہولیات کی فراہمی کیلئے تمام وسائل بروئے کار لا رہی ہے، انہوں نے متعلقہ حکام کو ہدایت کی کہ ترقیاتی منصوبوں کو مقررہ مدت میں مکمل کیا جائے اور معیار پر کوئی سمجھوتہ نہ کیا جائے۔
بجھیہ
41
روزنامہ اکثریت
پشاور (اکثریت نیوز) وزیر اعلیٰ خیبر پختونخوا نے کہا ہے کہ صوبائی حکومت عوام کو بنیادی سہولیات کی فراہمی کیلئے تمام وسائل بروئے کار لا رہی ہے، انہوں نے متعلقہ حکام کو ہدایت کی کہ ترقیاتی منصوبوں کو مقررہ مدت میں مکمل کیا جائے اور معیار پر کوئی سمجھوتہ نہ کیا جائے۔ اسلام آباد (اکثریت نیوز) وفاقی وزیر نے کہا ہے کہ حکومت ملک کو معاشی بحران سے نکالنے کیلئے اقدامات کر رہی ہے اور جلد عوام کو ریلیف ملے گا، انہوں نے کہا کہ اپوزیشن کا احتجاج عوام کے مفاد میں نہیں ہے۔ کراچی (اکثریت نیوز) شہر میں بارش کے بعد مختلف علاقوں میں پانی جمع ہو گیا جس سے شہریوں کو شدید مشکلات کا سامنا کرنا پڑا، انتظامیہ نے نکاسی آب کیلئے فوری اقدامات کی ہدایت کر دی۔ لاہور (اکثریت نیوز) پنجاب حکومت نے صحت کے شعبے میں اصلاحات کا اعلان کر دیا، ہسپتالوں میں ادویات کی فراہمی یقینی بنانے کیلئے خصوصی فنڈز جاری کر دئیے گئے ہیں۔ کوئٹہ (اکثریت نیوز) بلوچستان میں امن و امان کی صورتحال کا جائزہ لینے کیلئے اعلیٰ سطح اجلاس منعقد ہوا جس میں سیکیورٹی اداروں کی کارکردگی کو سراہا گیا۔
بجھیہ
42
روزنامہ اکثریت
اسلام آباد (اکثریت نیوز) وفاقی وزیر نے کہا ہے کہ حکومت ملک کو معاشی بحران سے نکالنے کیلئے اقدامات کر رہی ہے اور جلد عوام کو ریلیف ملے گا، انہوں نے کہا کہ اپوزیشن کا احتجاج عوام کے مفاد میں نہیں ہے۔ کراچی (اکثریت نیوز) شہر میں بارش کے بعد مختلف علاقوں میں پانی جمع ہو گیا جس سے شہریوں کو شدید مشکلات کا سامنا کرنا پڑا، انتظامیہ نے نکاسی آب کیلئے فوری اقدامات کی ہدایت کر دی۔ لاہور (اکثریت نیوز) پنجاب حکومت نے صحت کے شعبے میں اصلاحات کا اعلان کر دیا، ہسپتالوں میں ادویات کی فراہمی یقینی بنانے کیلئے خصوصی فنڈز جاری کر دئیے گئے ہیں۔ کوئٹہ (اکثریت نیوز) بلوچستان میں امن و امان کی صورتحال کا جائزہ لینے کیلئے اعلیٰ سطح اجلاس منعقد ہوا جس میں سیکیورٹی اداروں کی کارکردگی کو سراہا گیا۔
بجھیہ
43
روزنامہ اکثریت
کراچی (اکثریت نیوز) شہر میں بارش کے بعد مختلف علاقوں میں پانی جمع ہو گیا جس سے شہریوں کو شدید مشکلات کا سامنا کرنا پڑا، انتظامیہ نے نکاسی آب کیلئے فوری اقدامات کی ہدایت کر دی۔ لاہور (اکثریت نیوز) پنجاب حکومت نے صحت کے شعبے میں اصلاحات کا اعلان کر دیا، ہسپتالوں میں ادویات کی فراہمی یقینی بنانے کیلئے خصوصی فنڈز جاری کر دئیے گئے ہیں۔ کوئٹہ (اکثریت نیوز) بلوچستان میں امن و امان کی صورتحال کا جائزہ لینے کیلئے اعلیٰ سطح اجلاس منعقد ہوا جس میں سیکیورٹی اداروں کی کارکردگی کو سراہا گیا۔
بجھیہ
44
روزنامہ اکثریت
لاہور (اکثریت نیوز) پنجاب حکومت نے صحت کے شعبے میں اصلاحات کا اعلان کر دیا، ہسپتالوں میں ادویات کی فراہمی یقینی بنانے کیلئے خصوصی فنڈز جاری کر دئیے گئے ہیں۔ کوئٹہ (اکثریت نیوز) بلوچستان میں امن و امان کی صورتحال کا جائزہ لینے کیلئے اعلیٰ سطح اجلاس منعقد ہوا جس میں سیکیورٹی اداروں کی کارکردگی کو سراہا گیا۔
بجھیہ
45
روزنامہ اکثریت
کوئٹہ (اکثریت نیوز) بلوچستان میں امن و امان کی صورتحال کا جائزہ لینے کیلئے اعلیٰ سطح اجلاس منعقد ہوا جس میں سیکیورٹی اداروں کی کارکردگی کو سراہا گیا۔ مردان (اکثریت نیوز) ضلعی انتظامیہ نے گرانفروشی کے خلاف کارروائی کرتے ہوئے متعدد دکانداروں کو جرمانے کئے اور سرکاری نرخ نامے آویزاں کرنے کی ہدایت کی۔ نوشہرہ (اکثریت نیوز) تعلیمی اداروں میں طلبہ کی حاضری بہتر بنانے کیلئے محکمہ تعلیم نے نئی پالیسی جاری کر دی ہے، اساتذہ کی غیر حاضری پر سخت کارروائی ہوگی۔ سوات (اکثریت نیوز) سیاحتی مقامات پر سہولیات کی فراہمی کیلئے صوبائی حکومت نے منصوبے کی منظوری دے دی، سڑکوں کی تعمیر اور مرمت کا کام جلد شروع کیا جائے گا۔ پشاور (اکثریت نیوز) وزیر اعلیٰ خیبر پختونخوا نے کہا ہے کہ صوبائی حکومت عوام کو بنیادی سہولیات کی فراہمی کیلئے تمام وسائل بروئے کار لا رہی ہے، انہوں نے متعلقہ حکام کو ہدایت کی کہ ترقیاتی منصوبوں کو مقررہ مدت میں مکمل کیا جائے اور معیار پر کوئی سمجھوتہ نہ کیا جائے۔
بجھیہ
46
روزنامہ اکثریت
مردان (اکثریت نیوز) ضلعی انتظامیہ نے گرانفروشی کے خلاف کارروائی کرتے ہوئے متعدد دکانداروں کو جرمانے کئے اور سرکاری نرخ نامے آویزاں کرنے کی ہدایت کی۔ نوشہرہ (اکثریت نیوز) تعلیمی اداروں میں طلبہ کی حاضری بہتر بنانے کیلئے محکمہ تعلیم نے نئی پالیسی جاری کر دی ہے، اساتذہ کی غیر حاضری پر سخت کارروائی ہوگی۔ سوات (اکثریت نیوز) سیاحتی مقامات پر سہولیات کی فراہمی کیلئے صوبائی حکومت نے منصوبے کی منظوری دے دی، سڑکوں کی تعمیر اور مرمت کا کام جلد شروع کیا جائے گا۔ پشاور (اکثریت نیوز) وزیر اعلیٰ خیبر پختونخوا نے کہا ہے کہ صوبائی حکومت عوام کو بنیادی سہولیات کی فراہمی کیلئے تمام وسائل بروئے کار لا رہی ہے، انہوں نے متعلقہ حکام کو ہدایت کی کہ ترقیاتی منصوبوں کو مقررہ مدت میں مکمل کیا جائے اور معیار پر کوئی سمجھوتہ نہ کیا جائے۔
بجھیہ
47
روزنامہ اکثریت
نوشہرہ (اکثریت نیوز) تعلیمی اداروں میں طلبہ کی حاضری بہتر بنانے کیلئے محکمہ تعلیم نے نئی پالیسی جاری کر دی ہے، اساتذہ کی غیر حاضری پر سخت کارروائی ہوگی۔ سوات (اکثریت نیوز) سیاحتی مقامات پر سہولیات کی فراہمی کیلئے صوبائی حکومت نے منصوبے کی منظوری دے دی، سڑکوں کی تعمیر اور مرمت کا کام جلد شروع کیا جائے گا۔ پشاور (اکثریت نیوز) وزیر اعلیٰ خیبر پختونخوا نے کہا ہے کہ صوبائی حکومت عوام کو بنیادی سہولیات کی فراہمی کیلئے تمام وسائل بروئے کار لا رہی ہے، انہوں نے متعلقہ حکام کو ہدایت کی کہ ترقیاتی منصوبوں کو مقررہ مدت میں مکمل کیا جائے اور معیار پر کوئی سمجھوتہ نہ کیا جائے۔
بجھیہ
48
روزنامہ اکثریت
سوات (اکثریت نیوز) سیاحتی مقامات پر سہولیات کی فراہمی کیلئے صوبائی حکومت نے منصوبے کی منظوری دے دی، سڑکوں کی تعمیر اور مرمت کا کام جلد شروع کیا جائے گا۔ پشاور (اکثریت نیوز) وزیر اعلیٰ خیبر پختونخوا نے کہا ہے کہ صوبائی حکومت عوام کو بنیادی سہولیات کی فراہمی کیلئے تمام وسائل بروئے کار لا رہی ہے، انہوں نے متعلقہ حکام کو ہدایت کی کہ ترقیاتی منصوبوں کو مقررہ مدت میں مکمل کیا جائے اور معیار پر کوئی سمجھوتہ نہ کیا جائے۔
بجھیہ
49
روزنامہ اکثریت
پشاور (اکثریت نیوز) وزیر اعلیٰ خیبر پختونخوا نے کہا ہے کہ صوبائی حکومت عوام کو بنیادی سہولیات کی فراہمی کیلئے تمام وسائل بروئے کار لا رہی ہے، انہوں نے متعلقہ حکام کو ہدایت کی کہ ترقیاتی منصوبوں کو مقررہ مدت میں مکمل کیا جائے اور معیار پر کوئی سمجھوتہ نہ کیا جائے۔ اسلام آباد (اکثریت نیوز) وفاقی وزیر نے کہا ہے کہ حکومت ملک کو معاشی بحران سے نکالنے کیلئے اقدامات کر رہی ہے اور جلد عوام کو ریلیف ملے گا، انہوں نے کہا کہ اپوزیشن کا احتجاج عوام کے مفاد میں نہیں ہے۔ کراچی (اکثریت نیوز) شہر میں بارش کے بعد مختلف علاقوں میں پانی جمع ہو گیا جس سے شہریوں کو شدید مشکلات کا سامنا کرنا پڑا، انتظامیہ نے نکاسی آب کیلئے فوری اقدامات کی ہدایت کر دی۔ لاہور (اکثریت نیوز) پنجاب حکومت نے صحت کے شعبے میں اصلاحات کا اعلان کر دیا، ہسپتالوں میں ادویات کی فراہمی یقینی بنانے کیلئے خصوصی فنڈز جاری کر دئیے گئے ہیں۔ کوئٹہ (اکثریت نیوز) بلوچستان میں امن و امان کی صورتحال کا جائزہ لینے کیلئے اعلیٰ سطح اجلاس منعقد ہوا جس میں سیکیورٹی اداروں کی کارکردگی کو سراہا گیا۔
بجھیہ
50
روزنامہ اکثریت
اسلام آباد (اکثریت نیوز) وفاقی وزیر نے کہا ہے کہ حکومت ملک کو معاشی بحران سے نکالنے کیلئے اقدامات کر رہی ہے اور جلد عوام کو ریلیف ملے گا، انہوں نے کہا کہ اپوزیشن کا احتجاج عوام کے مفاد میں نہیں ہے۔ کراچی (اکثریت نیوز) شہر میں بارش کے بعد مختلف علاقوں میں پانی جمع ہو گیا جس سے شہریوں کو شدید مشکلات کا سامنا کرنا پڑا، انتظامیہ نے نکاسی آب کیلئے فوری اقدامات کی ہدایت کر دی۔ لاہور (اکثریت نیوز) پنجاب حکومت نے صحت کے شعبے میں اصلاحات کا اعلان کر دیا، ہسپتالوں میں ادویات کی فراہمی یقینی بنانے کیلئے خصوصی فنڈز جاری کر دئیے گئے ہیں۔ کوئٹہ (اکثریت نیوز) بلوچستان میں امن و امان کی صورتحال کا جائزہ لینے کیلئے اعلیٰ سطح اجلاس منعقد ہوا جس میں سیکیورٹی اداروں کی کارکردگی کو سراہا گیا۔
بجھیہ
51
روزنامہ اکثریت
کراچی (اکثریت نیوز) شہر میں بارش کے بعد مختلف علاقوں میں پانی جمع ہو گیا جس سے شہریوں کو شدید مشکلات کا سامنا کرنا پڑا، انتظامیہ نے نکاسی آب کیلئے فوری اقدامات کی ہدایت کر دی۔ لاہور (اکثریت نیوز) پنجاب حکومت نے صحت کے شعبے میں اصلاحات کا اعلان کر دیا، ہسپتالوں میں ادویات کی فراہمی یقینی بنانے کیلئے خصوصی فنڈز جاری کر دئیے گئے ہیں۔ کوئٹہ (اکثریت نیوز) بلوچستان میں امن و امان کی صورتحال کا جائزہ لینے کیلئے اعلیٰ سطح اجلاس منعقد ہوا جس میں سیکیورٹی اداروں کی کارکردگی کو سراہا گیا۔
بجھیہ
52
روزنامہ اکثریت
لاہور (اکثریت نیوز) پنجاب حکومت نے صحت کے شعبے میں اصلاحات کا اعلان کر دیا، ہسپتالوں میں ادویات کی فراہمی یقینی بنانے کیلئے خصوصی فنڈز جاری کر دئیے گئے ہیں۔ کوئٹہ (اکثریت نیوز) بلوچستان میں امن و امان کی صورتحال کا جائزہ لینے کیلئے اعلیٰ سطح اجلاس منعقد ہوا جس میں سیکیورٹی اداروں کی کارکردگی کو سراہا گیا۔
بجھیہ
53
روزنامہ اکثریت
کوئٹہ (اکثریت نیوز) بلوچستان میں امن و امان کی صورتحال کا جائزہ لینے کیلئے اعلیٰ سطح اجلاس منعقد ہوا جس میں سیکیورٹی اداروں کی کارکردگی کو سراہا گیا۔ مردان (اکثریت نیوز) ضلعی انتظامیہ نے گرانفروشی کے خلاف کارروائی کرتے ہوئے متعدد دکانداروں کو جرمانے کئے اور سرکاری نرخ نامے آویزاں کرنے کی ہدایت کی۔ نوشہرہ (اکثریت نیوز) تعلیمی اداروں میں طلبہ کی حاضری بہتر بنانے کیلئے محکمہ تعلیم نے نئی پالیسی جاری کر دی ہے، اساتذہ کی غیر حاضری پر سخت کارروائی ہوگی۔ سوات (اکثریت نیوز) سیاحتی مقامات پر سہولیات کی فراہمی کیلئے صوبائی حکومت نے منصوبے کی منظوری دے دی، سڑکوں کی تعمیر اور مرمت کا کام جلد شروع کیا جائے گا۔ پشاور (اکثریت نیوز) وزیر اعلیٰ خیبر پختونخوا نے کہا ہے کہ صوبائی حکومت عوام کو بنیادی سہولیات کی فراہمی کیلئے تمام وسائل بروئے کار لا رہی ہے، انہوں نے متعلقہ حکام کو ہدایت کی کہ ترقیاتی منصوبوں کو مقررہ مدت میں مکمل کیا جائے اور معیار پر کوئی سمجھوتہ نہ کیا جائے۔
بجھیہ
54
روزنامہ اکثریت
مردان (اکثریت نیوز) ضلعی انتظامیہ نے گرانفروشی کے خلاف کارروائی کرتے ہوئے متعدد دکانداروں کو جرمانے کئے اور سرکاری نرخ نامے آویزاں کرنے کی ہدایت کی۔ نوشہرہ (اکثریت نیوز) تعلیمی اداروں میں طلبہ کی حاضری بہتر بنانے کیلئے محکمہ تعلیم نے نئی پالیسی جاری کر دی ہے، اساتذہ کی غیر حاضری پر سخت کارروائی ہوگی۔ سوات (اکثریت نیوز) سیاحتی مقامات پر سہولیات کی فراہمی کیلئے صوبائی حکومت نے منصوبے کی منظوری دے دی، سڑکوں کی تعمیر اور مرمت کا کام جلد شروع کیا جائے گا۔ پشاور (اکثریت نیوز) وزیر اعلیٰ خیبر پختونخوا نے کہا ہے کہ صوبائی حکومت عوام کو بنیادی سہولیات کی فراہمی کیلئے تمام وسائل بروئے کار لا رہی ہے، انہوں نے متعلقہ حکام کو ہدایت کی کہ ترقیاتی منصوبوں کو مقررہ مدت میں مکمل کیا جائے اور معیار پر کوئی سمجھوتہ نہ کیا جائے۔
بجھیہ
55
روزنامہ اکثریت
نوشہرہ (اکثریت نیوز) تعلیمی اداروں میں طلبہ کی حاضری بہتر بنانے کیلئے محکمہ تعلیم نے نئی پالیسی جاری کر دی ہے، اساتذہ کی غیر حاضری پر سخت کارروائی ہوگی۔ سوات (اکثریت نیوز) سیاحتی مقامات پر سہولیات کی فراہمی کیلئے صوبائی حکومت نے منصوبے کی منظوری دے دی، سڑکوں کی تعمیر اور مرمت کا کام جلد شروع کیا جائے گا۔ پشاور (اکثریت نیوز) وزیر اعلیٰ خیبر پختونخوا نے کہا ہے کہ صوبائی حکومت عوام کو بنیادی سہولیات کی فراہمی کیلئے تمام وسائل بروئے کار لا رہی ہے، انہوں نے متعلقہ حکام کو ہدایت کی کہ ترقیاتی منصوبوں کو مقررہ مدت میں مکمل کیا جائے اور معیار پر کوئی سمجھوتہ نہ کیا جائے۔
بجھیہ
56
روزنامہ اکثریت
سوات (اکثریت نیوز) سیاحتی مقامات پر سہولیات کی فراہمی کیلئے صوبائی حکومت نے منصوبے کی منظوری دے دی، سڑکوں کی تعمیر اور مرمت کا کام جلد شروع کیا جائے گا۔ پشاور (اکثریت نیوز) وزیر اعلیٰ خیبر پختونخوا نے کہا ہے کہ صوبائی حکومت عوام کو بنیادی سہولیات کی فراہمی کیلئے تمام وسائل بروئے کار لا رہی ہے، انہوں نے متعلقہ حکام کو ہدایت کی کہ ترقیاتی منصوبوں کو مقررہ مدت میں مکمل کیا جائے اور معیار پر کوئی سمجھوتہ نہ کیا جائے۔
بجھیہ
57
روزنامہ اکثریت
پشاور (اکثریت نیوز) وزیر اعلیٰ خیبر پختونخوا نے کہا ہے کہ صوبائی حکومت عوام کو بنیادی سہولیات کی فراہمی کیلئے تمام وسائل بروئے کار لا رہی ہے، انہوں نے متعلقہ حکام کو ہدایت کی کہ ترقیاتی منصوبوں کو مقررہ مدت میں مکمل کیا جائے اور معیار پر کوئی سمجھوتہ نہ کیا جائے۔ اسلام آباد (اکثریت نیوز) وفاقی وزیر نے کہا ہے کہ حکومت ملک کو معاشی بحران سے نکالنے کیلئے اقدامات کر رہی ہے اور جلد عوام کو ریلیف ملے گا، انہوں نے کہا کہ اپوزیشن کا احتجاج عوام کے مفاد میں نہیں ہے۔ کراچی (اکثریت نیوز) شہر میں بارش کے بعد مختلف علاقوں میں پانی جمع ہو گیا جس سے شہریوں کو شدید مشکلات کا سامنا کرنا پڑا، انتظامیہ نے نکاسی آب کیلئے فوری اقدامات کی ہدایت کر دی۔ لاہور (اکثریت نیوز) پنجاب حکومت نے صحت کے شعبے میں اصلاحات کا اعلان کر دیا، ہسپتالوں میں ادویات کی فراہمی یقینی بنانے کیلئے خصوصی فنڈز جاری کر دئیے گئے ہیں۔ کوئٹہ (اکثریت نیوز) بلوچستان میں امن و امان کی صورتحال کا جائزہ لینے کیلئے اعلیٰ سطح اجلاس منعقد ہوا جس میں سیکیورٹی اداروں کی کارکردگی کو سراہا گیا۔
بجھیہ
58
روزنامہ اکثریت
اسلام آباد (اکثریت نیوز) وفاقی وزیر نے کہا ہے کہ حکومت ملک کو معاشی بحران سے نکالنے کیلئے اقدامات کر رہی ہے اور جلد عوام کو ریلیف ملے گا، انہوں نے کہا کہ اپوزیشن کا احتجاج عوام کے مفاد میں نہیں ہے۔ کراچی (اکثریت نیوز) شہر میں بارش کے بعد مختلف علاقوں میں پانی جمع ہو گیا جس سے شہریوں کو شدید مشکلات کا سامنا کرنا پڑا، انتظامیہ نے نکاسی آب کیلئے فوری اقدامات کی ہدایت کر دی۔ لاہور (اکثریت نیوز) پنجاب حکومت نے صحت کے شعبے میں اصلاحات کا اعلان کر دیا، ہسپتالوں میں ادویات کی فراہمی یقینی بنانے کیلئے خصوصی فنڈز جاری کر دئیے گئے ہیں۔ کوئٹہ (اکثریت نیوز) بلوچستان میں امن و امان کی صورتحال کا جائزہ لینے کیلئے اعلیٰ سطح اجلاس منعقد ہوا جس میں سیکیورٹی اداروں کی کارکردگی کو سراہا گیا۔
بجھیہ
59
روزنامہ اکثریت
کراچی (اکثریت نیوز) شہر میں بارش کے بعد مختلف علاقوں میں پانی جمع ہو گیا جس سے شہریوں کو شدید مشکلات کا سامنا کرنا پڑا، انتظامیہ نے نکاسی آب کیلئے فوری اقدامات کی ہدایت کر دی۔ لاہور (اکثریت نیوز) پنجاب حکومت نے صحت کے شعبے میں اصلاحات کا اعلان کر دیا، ہسپتالوں میں ادویات کی فراہمی یقینی بنانے کیلئے خصوصی فنڈز جاری کر دئیے گئے ہیں۔ کوئٹہ (اکثریت نیوز) بلوچستان میں امن و امان کی صورتحال کا جائزہ لینے کیلئے اعلیٰ سطح اجلاس منعقد ہوا جس میں سیکیورٹی اداروں کی کارکردگی کو سراہا گیا۔
بجھیہ
60
روزنامہ اکثریت
لاہور (اکثریت نیوز) پنجاب حکومت نے صحت کے شعبے میں اصلاحات کا اعلان کر دیا، ہسپتالوں میں ادویات کی فراہمی یقینی بنانے کیلئے خصوصی فنڈز جاری کر دئیے گئے ہیں۔ کوئٹہ (اکثریت نیوز) بلوچستان میں امن و امان کی صورتحال کا جائزہ لینے کیلئے اعلیٰ سطح اجلاس منعقد ہوا جس میں سیکیورٹی اداروں کی کارکردگی کو سراہا گیا۔
بجھیہ
61
روزنامہ اکثریت
کوئٹہ (اکثریت نیوز) بلوچستان میں امن و امان کی صورتحال کا جائزہ لینے کیلئے اعلیٰ سطح اجلاس منعقد ہوا جس میں سیکیورٹی اداروں کی کارکردگی کو سراہا گیا۔ مردان (اکثریت نیوز) ضلعی انتظامیہ نے گرانفروشی کے خلاف کارروائی کرتے ہوئے متعدد دکانداروں کو جرمانے کئے اور سرکاری نرخ نامے آویزاں کرنے کی ہدایت کی۔ نوشہرہ (اکثریت نیوز) تعلیمی اداروں میں طلبہ کی حاضری بہتر بنانے کیلئے محکمہ تعلیم نے نئی پالیسی جاری کر دی ہے، اساتذہ کی غیر حاضری پر سخت کارروائی ہوگی۔ سوات (اکثریت نیوز) سیاحتی مقامات پر سہولیات کی فراہمی کیلئے صوبائی حکومت نے منصوبے کی منظوری دے دی، سڑکوں کی تعمیر اور مرمت کا کام جلد شروع کیا جائے گا۔ پشاور (اکثریت نیوز) وزیر اعلیٰ خیبر پختونخوا نے کہا ہے کہ صوبائی حکومت عوام کو بنیادی سہولیات کی فراہمی کیلئے تمام وسائل بروئے کار لا رہی ہے، انہوں نے متعلقہ حکام کو ہدایت کی کہ ترقیاتی منصوبوں کو مقررہ مدت میں مکمل کیا جائے اور معیار پر کوئی سمجھوتہ نہ کیا جائے۔
بجھیہ
62
روزنامہ اکثریت
مردان (اکثریت نیوز) ضلعی انتظامیہ نے گرانفروشی کے خلاف کارروائی کرتے ہوئے متعدد دکانداروں کو جرمانے کئے اور سرکاری نرخ نامے آویزاں کرنے کی ہدایت کی۔ نوشہرہ (اکثریت نیوز) تعلیمی اداروں میں طلبہ کی حاضری بہتر بنانے کیلئے محکمہ تعلیم نے نئی پالیسی جاری کر دی ہے، اساتذہ کی غیر حاضری پر سخت کارروائی ہوگی۔ سوات (اکثریت نیوز) سیاحتی مقامات پر سہولیات کی فراہمی کیلئے صوبائی حکومت نے منصوبے کی منظوری دے دی، سڑکوں کی تعمیر اور مرمت کا کام جلد شروع کیا جائے گا۔ پشاور (اکثریت نیوز) وزیر اعلیٰ خیبر پختونخوا نے کہا ہے کہ صوبائی حکومت عوام کو بنیادی سہولیات کی فراہمی کیلئے تمام وسائل بروئے کار لا رہی ہے، انہوں نے متعلقہ حکام کو ہدایت کی کہ ترقیاتی منصوبوں کو مقررہ مدت میں مکمل کیا جائے اور معیار پر کوئی سمجھوتہ نہ کیا جائے۔
بجھیہ
63
روزنامہ اکثریت
نوشہرہ (اکثریت نیوز) تعلیمی اداروں میں طلبہ کی حاضری بہتر بنانے کیلئے محکمہ تعلیم نے نئی پالیسی جاری کر دی ہے، اساتذہ کی غیر حاضری پر سخت کارروائی ہوگی۔ سوات (اکثریت نیوز) سیاحتی مقامات پر سہولیات کی فراہمی کیلئے صوبائی حکومت نے منصوبے کی منظوری دے دی، سڑکوں کی تعمیر اور مرمت کا کام جلد شروع کیا جائے گا۔ پشاور (اکثریت نیوز) وزیر اعلیٰ خیبر پختونخوا نے کہا ہے کہ صوبائی حکومت عوام کو بنیادی سہولیات کی فراہمی کیلئے تمام وسائل بروئے کار لا رہی ہے، انہوں نے متعلقہ حکام کو ہدایت کی کہ ترقیاتی منصوبوں کو مقررہ مدت میں مکمل کیا جائے اور معیار پر کوئی سمجھوتہ نہ کیا جائے۔
بجھیہ
64
روزنامہ اکثریت
سوات (اکثریت نیوز) سیاحتی مقامات پر سہولیات کی فراہمی کیلئے صوبائی حکومت نے منصوبے کی منظوری دے دی، سڑکوں کی تعمیر اور مرمت کا کام جلد شروع کیا جائے گا۔ پشاور (اکثریت نیوز) وزیر اعلیٰ خیبر پختونخوا نے کہا ہے کہ صوبائی حکومت عوام کو بنیادی سہولیات کی فراہمی کیلئے تمام وسائل بروئے کار لا رہی ہے، انہوں نے متعلقہ حکام کو ہدایت کی کہ ترقیاتی منصوبوں کو مقررہ مدت میں مکمل کیا جائے اور معیار پر کوئی سمجھوتہ نہ کیا جائے۔
بجھیہ
65
روزنامہ اکثریت
پشاور (اکثریت نیوز) وزیر اعلیٰ خیبر پختونخوا نے کہا ہے کہ صوبائی حکومت عوام کو بنیادی سہولیات کی فراہمی کیلئے تمام وسائل بروئے کار لا رہی ہے، انہوں نے متعلقہ حکام کو ہدایت کی کہ ترقیاتی منصوبوں کو مقررہ مدت میں مکمل کیا جائے اور معیار پر کوئی سمجھوتہ نہ کیا جائے۔ اسلام آباد (اکثریت نیوز) وفاقی وزیر نے کہا ہے کہ حکومت ملک کو معاشی بحران سے نکالنے کیلئے اقدامات کر رہی ہے اور جلد عوام کو ریلیف ملے گا، انہوں نے کہا کہ اپوزیشن کا احتجاج عوام کے مفاد میں نہیں ہے۔ کراچی (اکثریت نیوز) شہر میں بارش کے بعد مختلف علاقوں میں پانی جمع ہو گیا جس سے شہریوں کو شدید مشکلات کا سامنا کرنا پڑا، انتظامیہ نے نکاسی آب کیلئے فوری اقدامات کی ہدایت کر دی۔ لاہور (اکثریت نیوز) پنجاب حکومت نے صحت کے شعبے میں اصلاحات کا اعلان کر دیا، ہسپتالوں میں ادویات کی فراہمی یقینی بنانے کیلئے خصوصی فنڈز جاری کر دئیے گئے ہیں۔ کوئٹہ (اکثریت نیوز) بلوچستان میں امن و امان کی صورتحال کا جائزہ لینے کیلئے اعلیٰ سطح اجلاس منعقد ہوا جس میں سیکیورٹی اداروں کی کارکردگی کو سراہا گیا۔
بجھیہ
66
روزنامہ اکثریت
اسلام آباد (اکثریت نیوز) وفاقی وزیر نے کہا ہے کہ حکومت ملک کو معاشی بحران سے نکالنے کیلئے اقدامات کر رہی ہے اور جلد عوام کو ریلیف ملے گا، انہوں نے کہا کہ اپوزیشن کا احتجاج عوام کے مفاد میں نہیں ہے۔ کراچی (اکثریت نیوز) شہر میں بارش کے بعد مختلف علاقوں میں پانی جمع ہو گیا جس سے شہریوں کو شدید مشکلات کا سامنا کرنا پڑا، انتظامیہ نے نکاسی آب کیلئے فوری اقدامات کی ہدایت کر دی۔ لاہور (اکثریت نیوز) پنجاب حکومت نے صحت کے شعبے میں اصلاحات کا اعلان کر دیا، ہسپتالوں میں ادویات کی فراہمی یقینی بنانے کیلئے خصوصی فنڈز جاری کر دئیے گئے ہیں۔ کوئٹہ (اکثریت نیوز) بلوچستان میں امن و امان کی صورتحال کا جائزہ لینے کیلئے اعلیٰ سطح اجلاس منعقد ہوا جس میں سیکیورٹی اداروں کی کارکردگی کو سراہا گیا۔
بجھیہ
67
روزنامہ اکثریت
کراچی (اکثریت نیوز) شہر میں بارش کے بعد مختلف علاقوں میں پانی جمع ہو گیا جس سے شہریوں کو شدید مشکلات کا سامنا کرنا پڑا، انتظامیہ نے نکاسی آب کیلئے فوری اقدامات کی ہدایت کر دی۔ لاہور (اکثریت نیوز) پنجاب حکومت نے صحت کے شعبے میں اصلاحات کا اعلان کر دیا، ہسپتالوں میں ادویات کی فراہمی یقینی بنانے کیلئے خصوصی فنڈز جاری کر دئیے گئے ہیں۔ کوئٹہ (اکثریت نیوز) بلوچستان میں امن و امان کی صورتحال کا جائزہ لینے کیلئے اعلیٰ سطح اجلاس منعقد ہوا جس میں سیکیورٹی اداروں کی کارکردگی کو سراہا گیا۔
بجھیہ
68
روزنامہ اکثریت
لاہور (اکثریت نیوز) پنجاب حکومت نے صحت کے شعبے میں اصلاحات کا اعلان کر دیا، ہسپتالوں میں ادویات کی فراہمی یقینی بنانے کیلئے خصوصی فنڈز جاری کر دئیے گئے ہیں۔ کوئٹہ (اکثریت نیوز) بلوچستان میں امن و امان کی صورتحال کا جائزہ لینے کیلئے اعلیٰ سطح اجلاس منعقد ہوا جس میں سیکیورٹی اداروں کی کارکردگی کو سراہا گیا۔
بجھیہ
69
روزنامہ اکثریت
کوئٹہ (اکثریت نیوز) بلوچستان میں امن و امان کی صورتحال کا جائزہ لینے کیلئے اعلیٰ سطح اجلاس منعقد ہوا جس میں سیکیورٹی اداروں کی کارکردگی کو سراہا گیا۔ مردان (اکثریت نیوز) ضلعی انتظامیہ نے گرانفروشی کے خلاف کارروائی کرتے ہوئے متعدد دکانداروں کو جرمانے کئے اور سرکاری نرخ نامے آویزاں کرنے کی ہدایت کی۔ نوشہرہ (اکثریت نیوز) تعلیمی اداروں میں طلبہ کی حاضری بہتر بنانے کیلئے محکمہ تعلیم نے نئی پالیسی جاری کر دی ہے، اساتذہ کی غیر حاضری پر سخت کارروائی ہوگی۔ سوات (اکثریت نیوز) سیاحتی مقامات پر سہولیات کی فراہمی کیلئے صوبائی حکومت نے منصوبے کی منظوری دے دی، سڑکوں کی تعمیر اور مرمت کا کام جلد شروع کیا جائے گا۔ پشاور (اکثریت نیوز) وزیر اعلیٰ خیبر پختونخوا نے کہا ہے کہ صوبائی حکومت عوام کو بنیادی سہولیات کی فراہمی کیلئے تمام وسائل بروئے کار لا رہی ہے، انہوں نے متعلقہ حکام کو ہدایت کی کہ ترقیاتی منصوبوں کو مقررہ مدت میں مکمل کیا جائے اور معیار پر کوئی سمجھوتہ نہ کیا جائے۔
بجھیہ
70
روزنامہ اکثریت
مردان (اکثریت نیوز) ضلعی انتظامیہ نے گرانفروشی کے خلاف کارروائی کرتے ہوئے متعدد دکانداروں کو جرمانے کئے اور سرکاری نرخ نامے آویزاں کرنے کی ہدایت کی۔ نوشہرہ (اکثریت نیوز) تعلیمی اداروں میں طلبہ کی حاضری بہتر بنانے کیلئے محکمہ تعلیم نے نئی پالیسی جاری کر دی ہے، اساتذہ کی غیر حاضری پر سخت کارروائی ہوگی۔ سوات (اکثریت نیوز) سیاحتی مقامات پر سہولیات کی فراہمی کیلئے صوبائی حکومت نے منصوبے کی منظوری دے دی، سڑکوں کی تعمیر اور مرمت کا کام جلد شروع کیا جائے گا۔ پشاور (اکثریت نیوز) وزیر اعلیٰ خیبر پختونخوا نے کہا ہے کہ صوبائی حکومت عوام کو بنیادی سہولیات کی فراہمی کیلئے تمام وسائل بروئے کار لا رہی ہے، انہوں نے متعلقہ حکام کو ہدایت کی کہ ترقیاتی منصوبوں کو مقررہ مدت میں مکمل کیا جائے اور معیار پر کوئی سمجھوتہ نہ کیا جائے۔
بجھیہ
71
روزنامہ اکثریت
نوشہرہ (اکثریت نیوز) تعلیمی اداروں میں طلبہ کی حاضری بہتر بنانے کیلئے محکمہ تعلیم نے نئی پالیسی جاری کر دی ہے، اساتذہ کی غیر حاضری پر سخت کارروائی ہوگی۔ سوات (اکثریت نیوز) سیاحتی مقامات پر سہولیات کی فراہمی کیلئے صوبائی حکومت نے منصوبے کی منظوری دے دی، سڑکوں کی تعمیر اور مرمت کا کام جلد شروع کیا جائے گا۔ پشاور (اکثریت نیوز) وزیر اعلیٰ خیبر پختونخوا نے کہا ہے کہ صوبائی حکومت عوام کو بنیادی سہولیات کی فراہمی کیلئے تمام وسائل بروئے کار لا رہی ہے، انہوں نے متعلقہ حکام کو ہدایت کی کہ ترقیاتی منصوبوں کو مقررہ مدت میں مکمل کیا جائے اور معیار پر کوئی سمجھوتہ نہ کیا جائے۔
بجھیہ
72
روزنامہ اکثریت
سوات (اکثریت نیوز) سیاحتی مقامات پر سہولیات کی فراہمی کیلئے صوبائی حکومت نے منصوبے کی منظوری دے دی، سڑکوں کی تعمیر اور مرمت کا کام جلد شروع کیا جائے گا۔ پشاور (اکثریت نیوز) وزیر اعلیٰ خیبر پختونخوا نے کہا ہے کہ صوبائی حکومت عوام کو بنیادی سہولیات کی فراہمی کیلئے تمام وسائل بروئے کار لا رہی ہے، انہوں نے متعلقہ حکام کو ہدایت کی کہ ترقیاتی منصوبوں کو مقررہ مدت میں مکمل کیا جائے اور معیار پر کوئی سمجھوتہ نہ کیا جائے۔
☆☆☆
